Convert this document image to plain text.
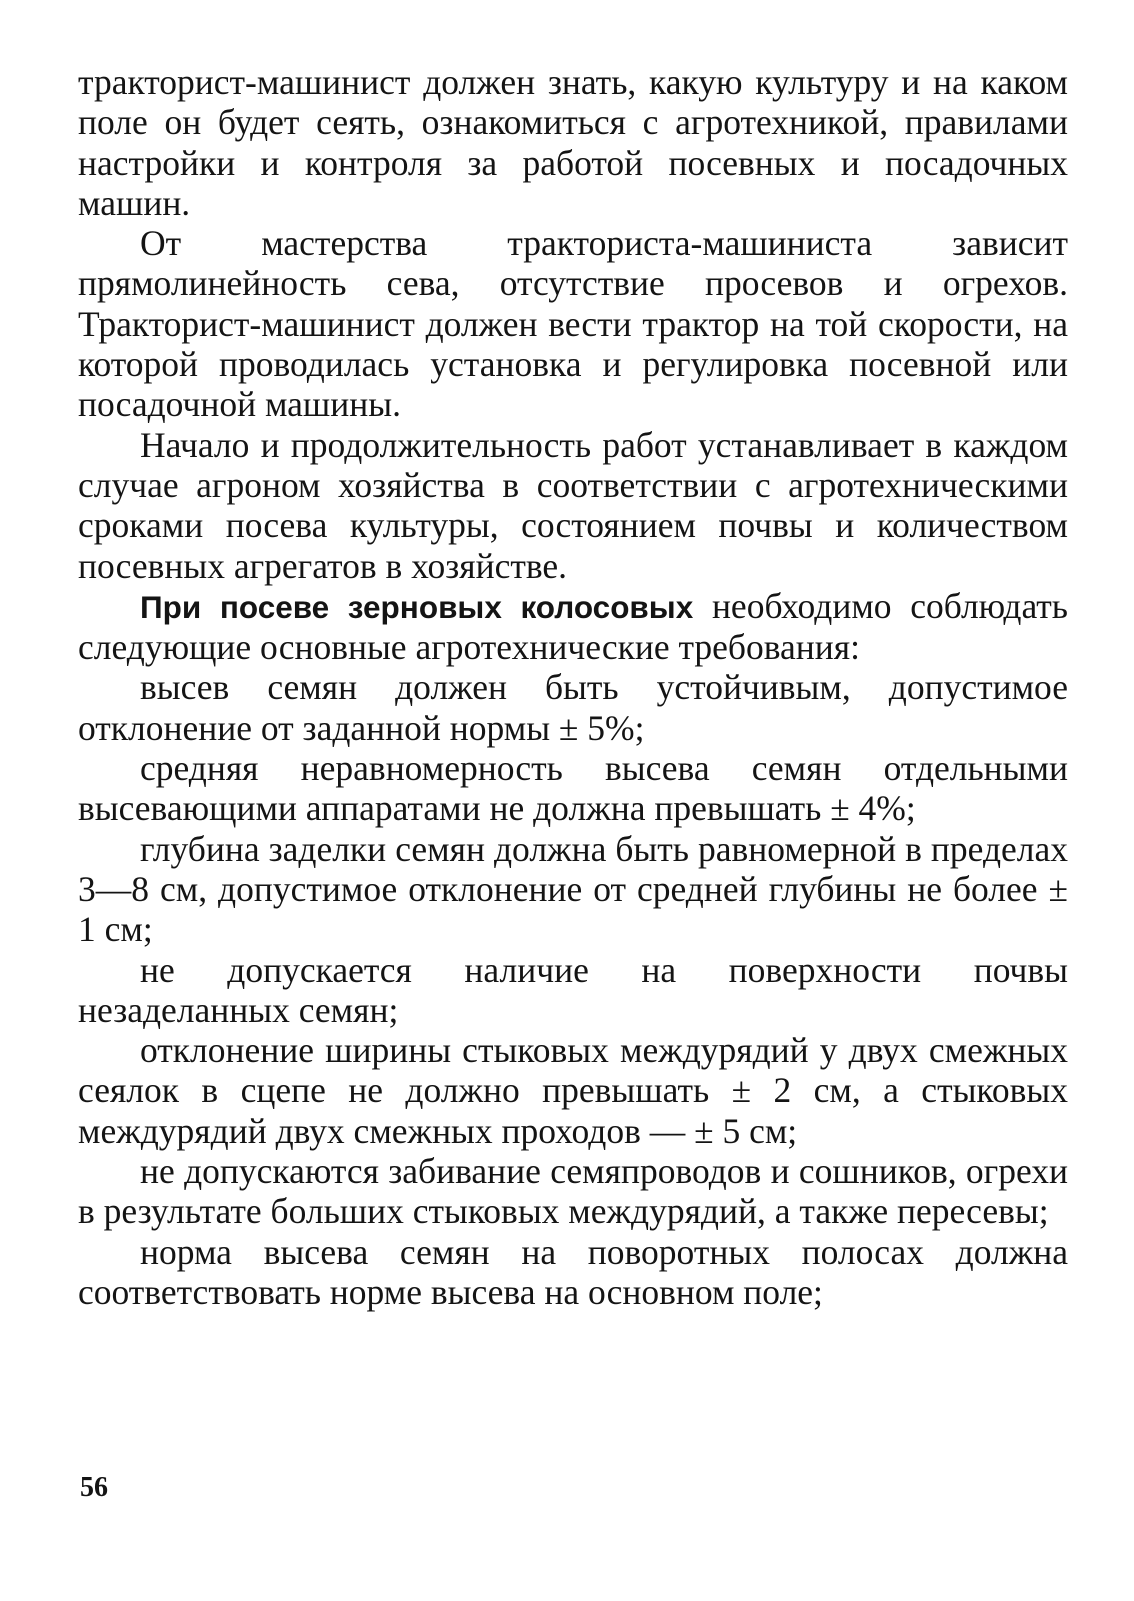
тракторист-машинист должен знать, какую культуру и на каком поле он будет сеять, ознакомиться с агротехникой, правилами настройки и контроля за работой посевных и посадочных машин.

От мастерства тракториста-машиниста зависит прямолинейность сева, отсутствие просевов и огрехов. Тракторист-машинист должен вести трактор на той скорости, на которой проводилась установка и регулировка посевной или посадочной машины.

Начало и продолжительность работ устанавливает в каждом случае агроном хозяйства в соответствии с агротехническими сроками посева культуры, состоянием почвы и количеством посевных агрегатов в хозяйстве.

При посеве зерновых колосовых необходимо соблюдать следующие основные агротехнические требования:

высев семян должен быть устойчивым, допустимое отклонение от заданной нормы ± 5%;

средняя неравномерность высева семян отдельными высевающими аппаратами не должна превышать ± 4%;

глубина заделки семян должна быть равномерной в пределах 3—8 см, допустимое отклонение от средней глубины не более ± 1 см;

не допускается наличие на поверхности почвы незаделанных семян;

отклонение ширины стыковых междурядий у двух смежных сеялок в сцепе не должно превышать ± 2 см, а стыковых междурядий двух смежных проходов — ± 5 см;

не допускаются забивание семяпроводов и сошников, огрехи в результате больших стыковых междурядий, а также пересевы;

норма высева семян на поворотных полосах должна соответствовать норме высева на основном поле;

56
